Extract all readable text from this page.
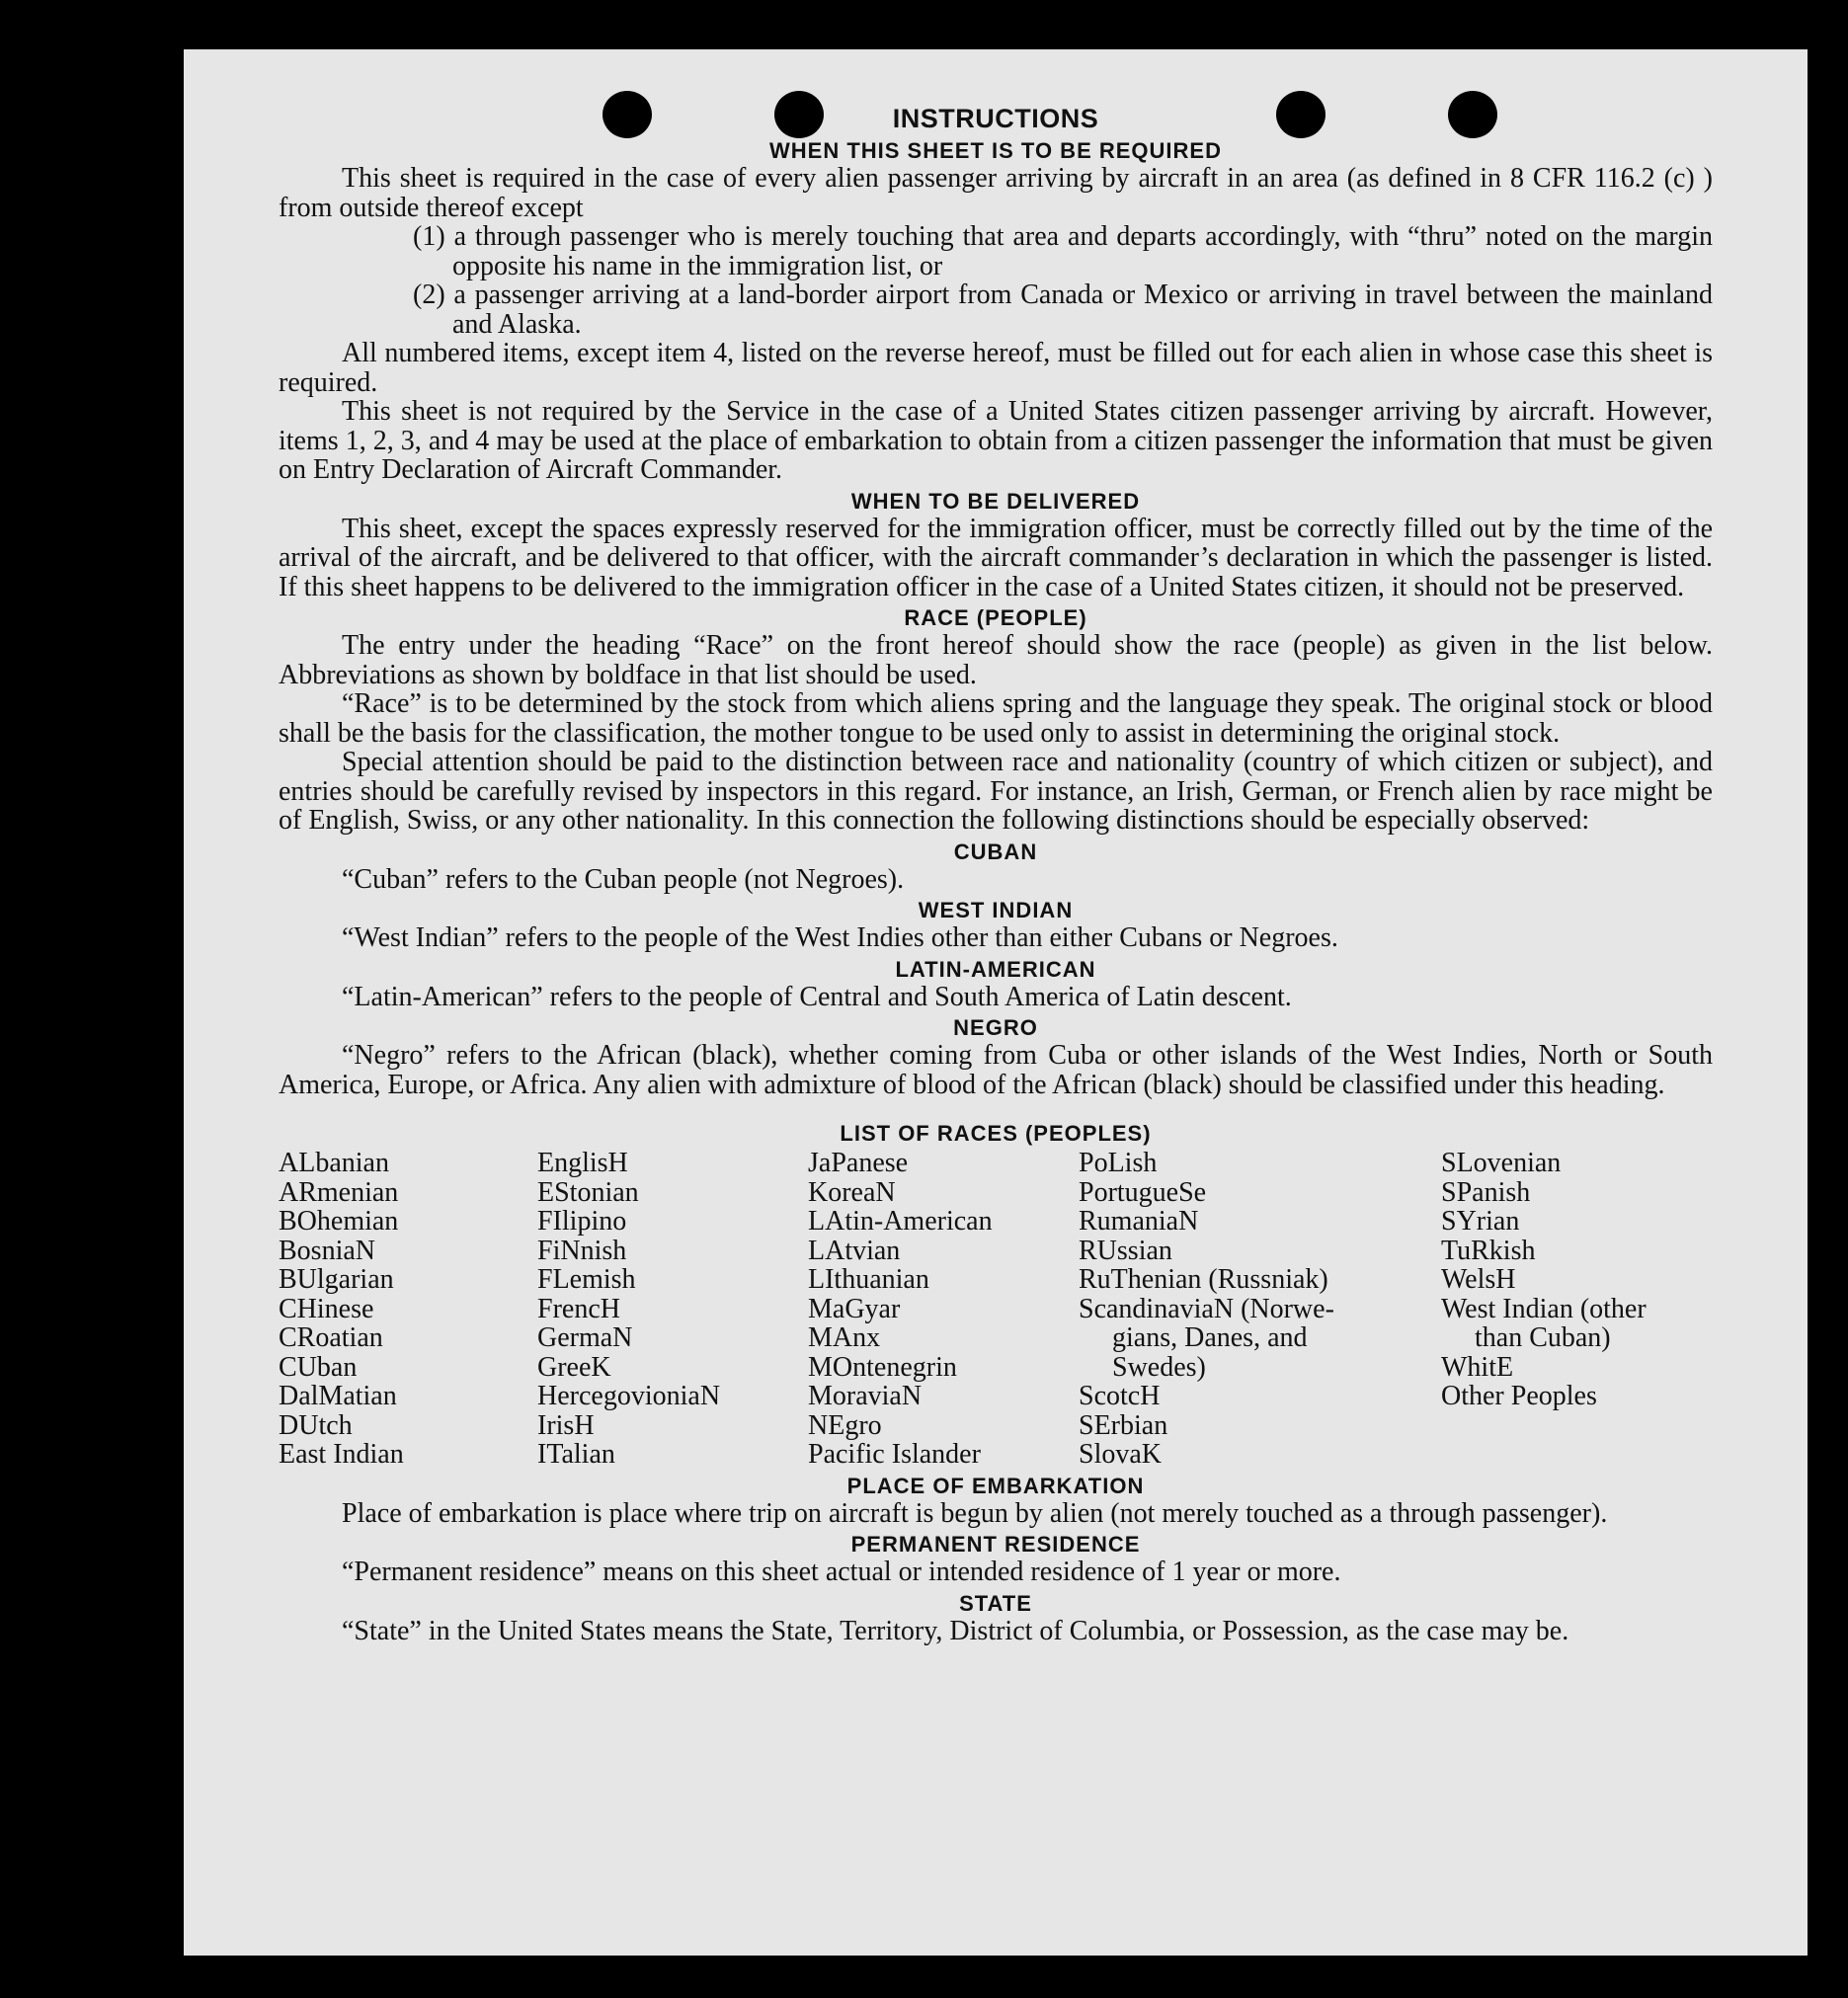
INSTRUCTIONS
WHEN THIS SHEET IS TO BE REQUIRED

This sheet is required in the case of every alien passenger arriving by aircraft in an area (as defined in 8 CFR 116.2 (c) ) from outside thereof except

(1) a through passenger who is merely touching that area and departs accordingly, with “thru” noted on the margin opposite his name in the immigration list, or

(2) a passenger arriving at a land-border airport from Canada or Mexico or arriving in travel between the mainland and Alaska.

All numbered items, except item 4, listed on the reverse hereof, must be filled out for each alien in whose case this sheet is required.

This sheet is not required by the Service in the case of a United States citizen passenger arriving by aircraft. However, items 1, 2, 3, and 4 may be used at the place of embarkation to obtain from a citizen passenger the information that must be given on Entry Declaration of Aircraft Commander.

WHEN TO BE DELIVERED

This sheet, except the spaces expressly reserved for the immigration officer, must be correctly filled out by the time of the arrival of the aircraft, and be delivered to that officer, with the aircraft commander’s declaration in which the passenger is listed. If this sheet happens to be delivered to the immigration officer in the case of a United States citizen, it should not be preserved.

RACE (PEOPLE)

The entry under the heading “Race” on the front hereof should show the race (people) as given in the list below. Abbreviations as shown by boldface in that list should be used.

“Race” is to be determined by the stock from which aliens spring and the language they speak. The original stock or blood shall be the basis for the classification, the mother tongue to be used only to assist in determining the original stock.

Special attention should be paid to the distinction between race and nationality (country of which citizen or subject), and entries should be carefully revised by inspectors in this regard. For instance, an Irish, German, or French alien by race might be of English, Swiss, or any other nationality. In this connection the following distinctions should be especially observed:

CUBAN

“Cuban” refers to the Cuban people (not Negroes).

WEST INDIAN

“West Indian” refers to the people of the West Indies other than either Cubans or Negroes.

LATIN-AMERICAN

“Latin-American” refers to the people of Central and South America of Latin descent.

NEGRO

“Negro” refers to the African (black), whether coming from Cuba or other islands of the West Indies, North or South America, Europe, or Africa. Any alien with admixture of blood of the African (black) should be classified under this heading.

LIST OF RACES (PEOPLES)
ALbanian
ARmenian
BOhemian
BosniaN
BUlgarian
CHinese
CRoatian
CUban
DalMatian
DUtch
East Indian
EnglisH
EStonian
FIlipino
FiNnish
FLemish
FrencH
GermaN
GreeK
HercegovioniaN
IrisH
ITalian
JaPanese
KoreaN
LAtin-American
LAtvian
LIthuanian
MaGyar
MAnx
MOntenegrin
MoraviaN
NEgro
Pacific Islander
PoLish
PortugueSe
RumaniaN
RUssian
RuThenian (Russniak)
ScandinaviaN (Norwe-
gians, Danes, and
Swedes)
ScotcH
SErbian
SlovaK
SLovenian
SPanish
SYrian
TuRkish
WelsH
West Indian (other
than Cuban)
WhitE
Other Peoples
PLACE OF EMBARKATION

Place of embarkation is place where trip on aircraft is begun by alien (not merely touched as a through passenger).

PERMANENT RESIDENCE

“Permanent residence” means on this sheet actual or intended residence of 1 year or more.

STATE

“State” in the United States means the State, Territory, District of Columbia, or Possession, as the case may be.
